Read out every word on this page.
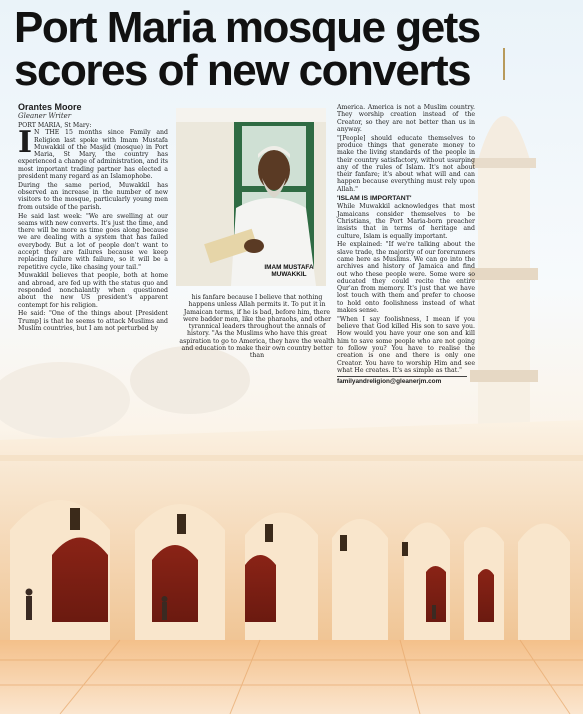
Port Maria mosque gets scores of new converts
Orantes Moore
Gleaner Writer
PORT MARIA, St Mary:

I N THE 15 months since Family and Religion last spoke with Imam Mustafa Muwakkil of the Masjid (mosque) in Port Maria, St Mary, the country has experienced a change of administration, and its most important trading partner has elected a president many regard as an Islamophobe.

During the same period, Muwakkil has observed an increase in the number of new visitors to the mosque, particularly young men from outside of the parish.

He said last week: "We are swelling at our seams with new converts. It's just the time, and there will be more as time goes along because we are dealing with a system that has failed everybody. But a lot of people don't want to accept they are failures because we keep replacing failure with failure, so it will be a repetitive cycle, like chasing your tail."

Muwakkil believes that people, both at home and abroad, are fed up with the status quo and responded nonchalantly when questioned about the new US president's apparent contempt for his religion.

He said: "One of the things about [President Trump] is that he seems to attack Muslims and Muslim countries, but I am not perturbed by

IMAM MUSTAFA MUWAKKIL
his fanfare because I believe that nothing happens unless Allah permits it. To put it in Jamaican terms, if he is bad, before him, there were badder men, like the pharaohs, and other tyrannical leaders throughout the annals of history. "As the Muslims who have this great aspiration to go to America, they have the wealth and education to make their own country better than

America. America is not a Muslim country. They worship creation instead of the Creator, so they are not better than us in anyway.

"[People] should educate themselves to produce things that generate money to make the living standards of the people in their country satisfactory, without usurping any of the rules of Islam. It's not about their fanfare; it's about what will and can happen because everything must rely upon Allah."

'ISLAM IS IMPORTANT'

While Muwakkil acknowledges that most Jamaicans consider themselves to be Christians, the Port Maria-born preacher insists that in terms of heritage and culture, Islam is equally important.

He explained: "If we're talking about the slave trade, the majority of our forerunners came here as Muslims. We can go into the archives and history of Jamaica and find out who these people were. Some were so educated they could recite the entire Qur'an from memory. It's just that we have lost touch with them and prefer to choose to hold onto foolishness instead of what makes sense.

"When I say foolishness, I mean if you believe that God killed His son to save you. How would you have your one son and kill him to save some people who are not going to follow you? You have to realise the creation is one and there is only one Creator. You have to worship Him and see what He creates. It's as simple as that."

familyandreligion@gleanerjm.com
